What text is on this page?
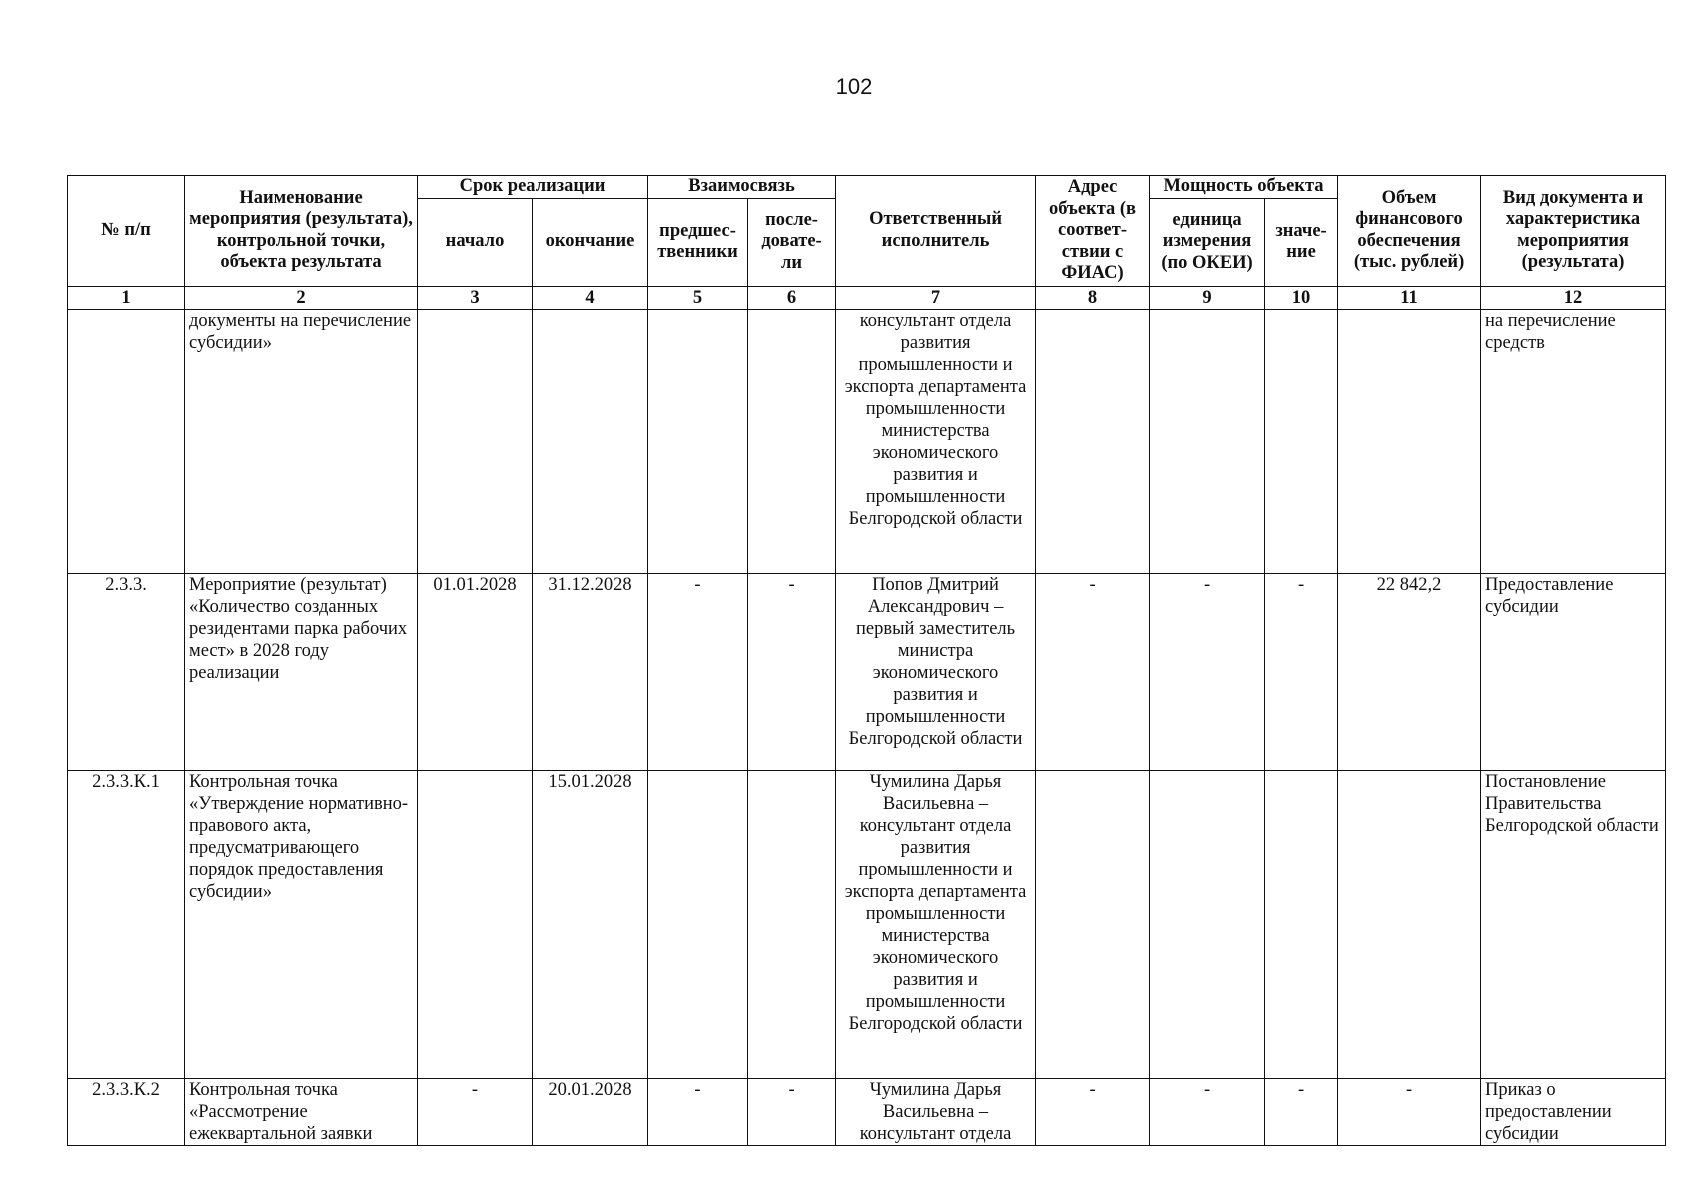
102
№ п/п	Наименование мероприятия (результата), контрольной точки, объекта результата	Срок реализации		Взаимосвязь		Ответственный исполнитель	Адрес объекта (в соответ-ствии с ФИАС)	Мощность объекта		Объем финансового обеспечения (тыс. рублей)	Вид документа и характеристика мероприятия (результата)
		начало	окончание	предшес-твенники	после-довате-ли			единица измерения (по ОКЕИ)	значе-ние		
1	2	3	4	5	6	7	8	9	10	11	12
	документы на перечисление субсидии»					консультант отдела развития промышленности и экспорта департамента промышленности министерства экономического развития и промышленности Белгородской области					на перечисление средств
2.3.3.	Мероприятие (результат) «Количество созданных резидентами парка рабочих мест» в 2028 году реализации	01.01.2028	31.12.2028	-	-	Попов Дмитрий Александрович – первый заместитель министра экономического развития и промышленности Белгородской области	-	-	-	22 842,2	Предоставление субсидии
2.3.3.К.1	Контрольная точка «Утверждение нормативно-правового акта, предусматривающего порядок предоставления субсидии»		15.01.2028			Чумилина Дарья Васильевна – консультант отдела развития промышленности и экспорта департамента промышленности министерства экономического развития и промышленности Белгородской области					Постановление Правительства Белгородской области
2.3.3.К.2	Контрольная точка «Рассмотрение ежеквартальной заявки	-	20.01.2028	-	-	Чумилина Дарья Васильевна – консультант отдела	-	-	-	-	Приказ о предоставлении субсидии
